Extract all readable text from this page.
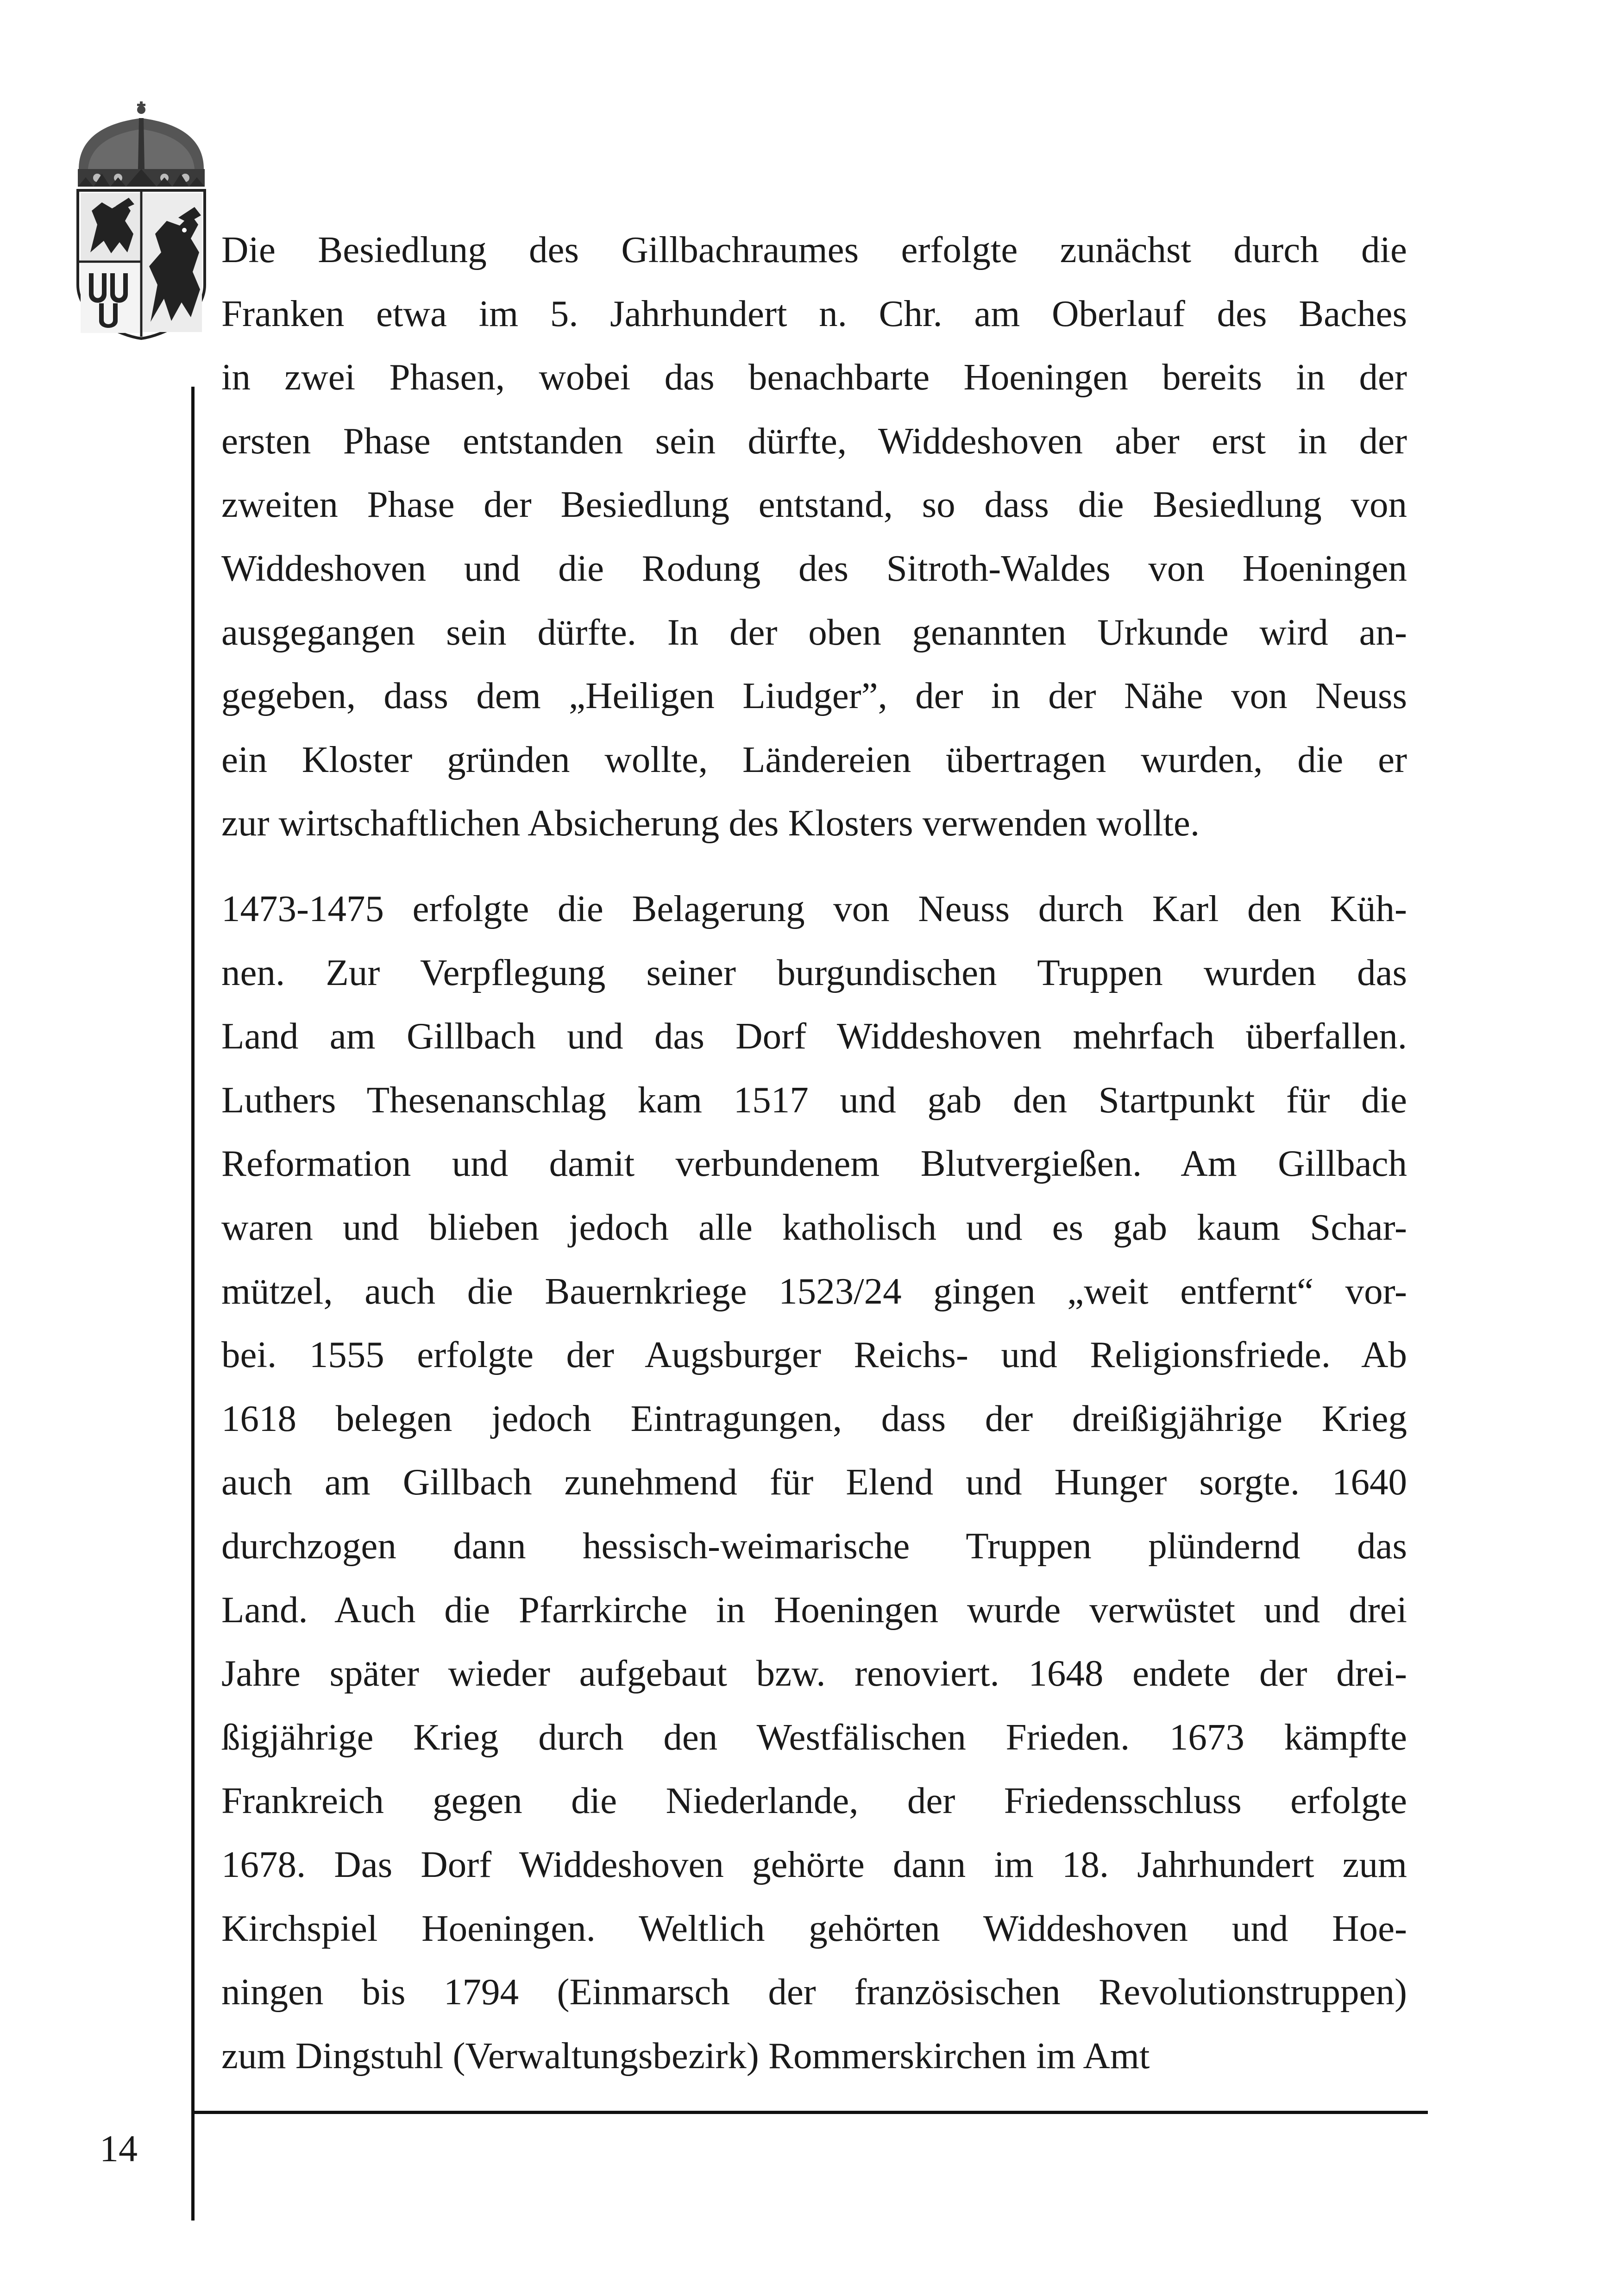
14
Die Besiedlung des Gillbachraumes erfolgte zunächst durch die
Franken etwa im 5. Jahrhundert n. Chr. am Oberlauf des Baches
in zwei Phasen, wobei das benachbarte Hoeningen bereits in der
ersten Phase entstanden sein dürfte, Widdeshoven aber erst in der
zweiten Phase der Besiedlung entstand, so dass die Besiedlung von
Widdeshoven und die Rodung des Sitroth-Waldes von Hoeningen
ausgegangen sein dürfte. In der oben genannten Urkunde wird an-
gegeben, dass dem „Heiligen Liudger”, der in der Nähe von Neuss
ein Kloster gründen wollte, Ländereien übertragen wurden, die er
zur wirtschaftlichen Absicherung des Klosters verwenden wollte.
1473-1475 erfolgte die Belagerung von Neuss durch Karl den Küh-
nen. Zur Verpflegung seiner burgundischen Truppen wurden das
Land am Gillbach und das Dorf Widdeshoven mehrfach überfallen.
Luthers Thesenanschlag kam 1517 und gab den Startpunkt für die
Reformation und damit verbundenem Blutvergießen. Am Gillbach
waren und blieben jedoch alle katholisch und es gab kaum Schar-
mützel, auch die Bauernkriege 1523/24 gingen „weit entfernt“ vor-
bei. 1555 erfolgte der Augsburger Reichs- und Religionsfriede. Ab
1618 belegen jedoch Eintragungen, dass der dreißigjährige Krieg
auch am Gillbach zunehmend für Elend und Hunger sorgte. 1640
durchzogen dann hessisch-weimarische Truppen plündernd das
Land. Auch die Pfarrkirche in Hoeningen wurde verwüstet und drei
Jahre später wieder aufgebaut bzw. renoviert. 1648 endete der drei-
ßigjährige Krieg durch den Westfälischen Frieden. 1673 kämpfte
Frankreich gegen die Niederlande, der Friedensschluss erfolgte
1678. Das Dorf Widdeshoven gehörte dann im 18. Jahrhundert zum
Kirchspiel Hoeningen. Weltlich gehörten Widdeshoven und Hoe-
ningen bis 1794 (Einmarsch der französischen Revolutionstruppen)
zum Dingstuhl (Verwaltungsbezirk) Rommerskirchen im Amt
